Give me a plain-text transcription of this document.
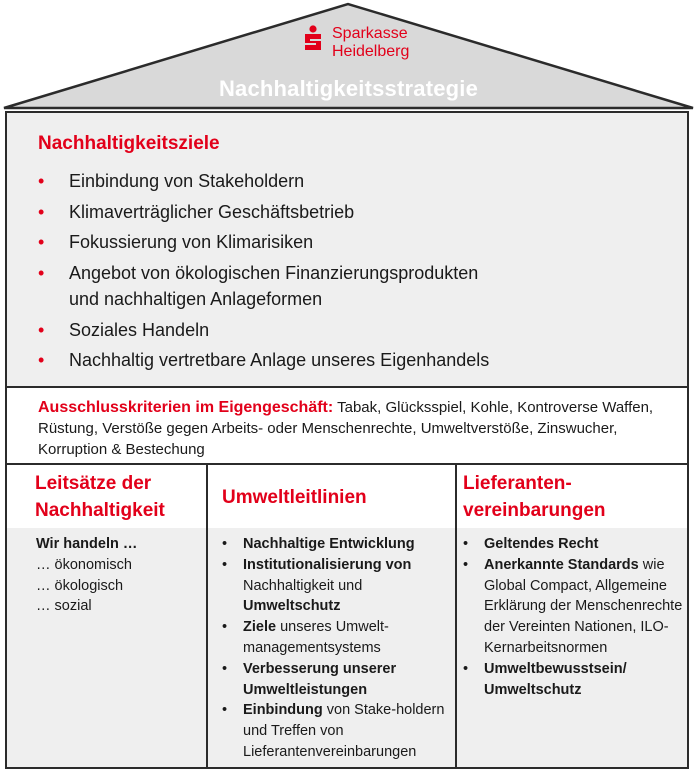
Sparkasse
Heidelberg
Nachhaltigkeitsstrategie
Nachhaltigkeitsziele
• Einbindung von Stakeholdern
• Klimaverträglicher Geschäftsbetrieb
• Fokussierung von Klimarisiken
• Angebot von ökologischen Finanzierungsprodukten
und nachhaltigen Anlageformen
• Soziales Handeln
• Nachhaltig vertretbare Anlage unseres Eigenhandels
Ausschlusskriterien im Eigengeschäft: Tabak, Glücksspiel, Kohle, Kontroverse Waffen, Rüstung, Verstöße gegen Arbeits- oder Menschenrechte, Umweltverstöße, Zinswucher, Korruption & Bestechung
Leitsätze der
Nachhaltigkeit
Wir handeln …
… ökonomisch
… ökologisch
… sozial
Umweltleitlinien
• Nachhaltige Entwicklung
• Institutionalisierung von
Nachhaltigkeit und
Umweltschutz
• Ziele unseres Umwelt-managementsystems
• Verbesserung unserer Umweltleistungen
• Einbindung von Stake-holdern und Treffen von Lieferantenvereinbarungen
Lieferanten-
vereinbarungen
• Geltendes Recht
• Anerkannte Standards wie Global Compact, Allgemeine Erklärung der Menschenrechte der Vereinten Nationen, ILO-Kernarbeitsnormen
• Umweltbewusstsein/ Umweltschutz
